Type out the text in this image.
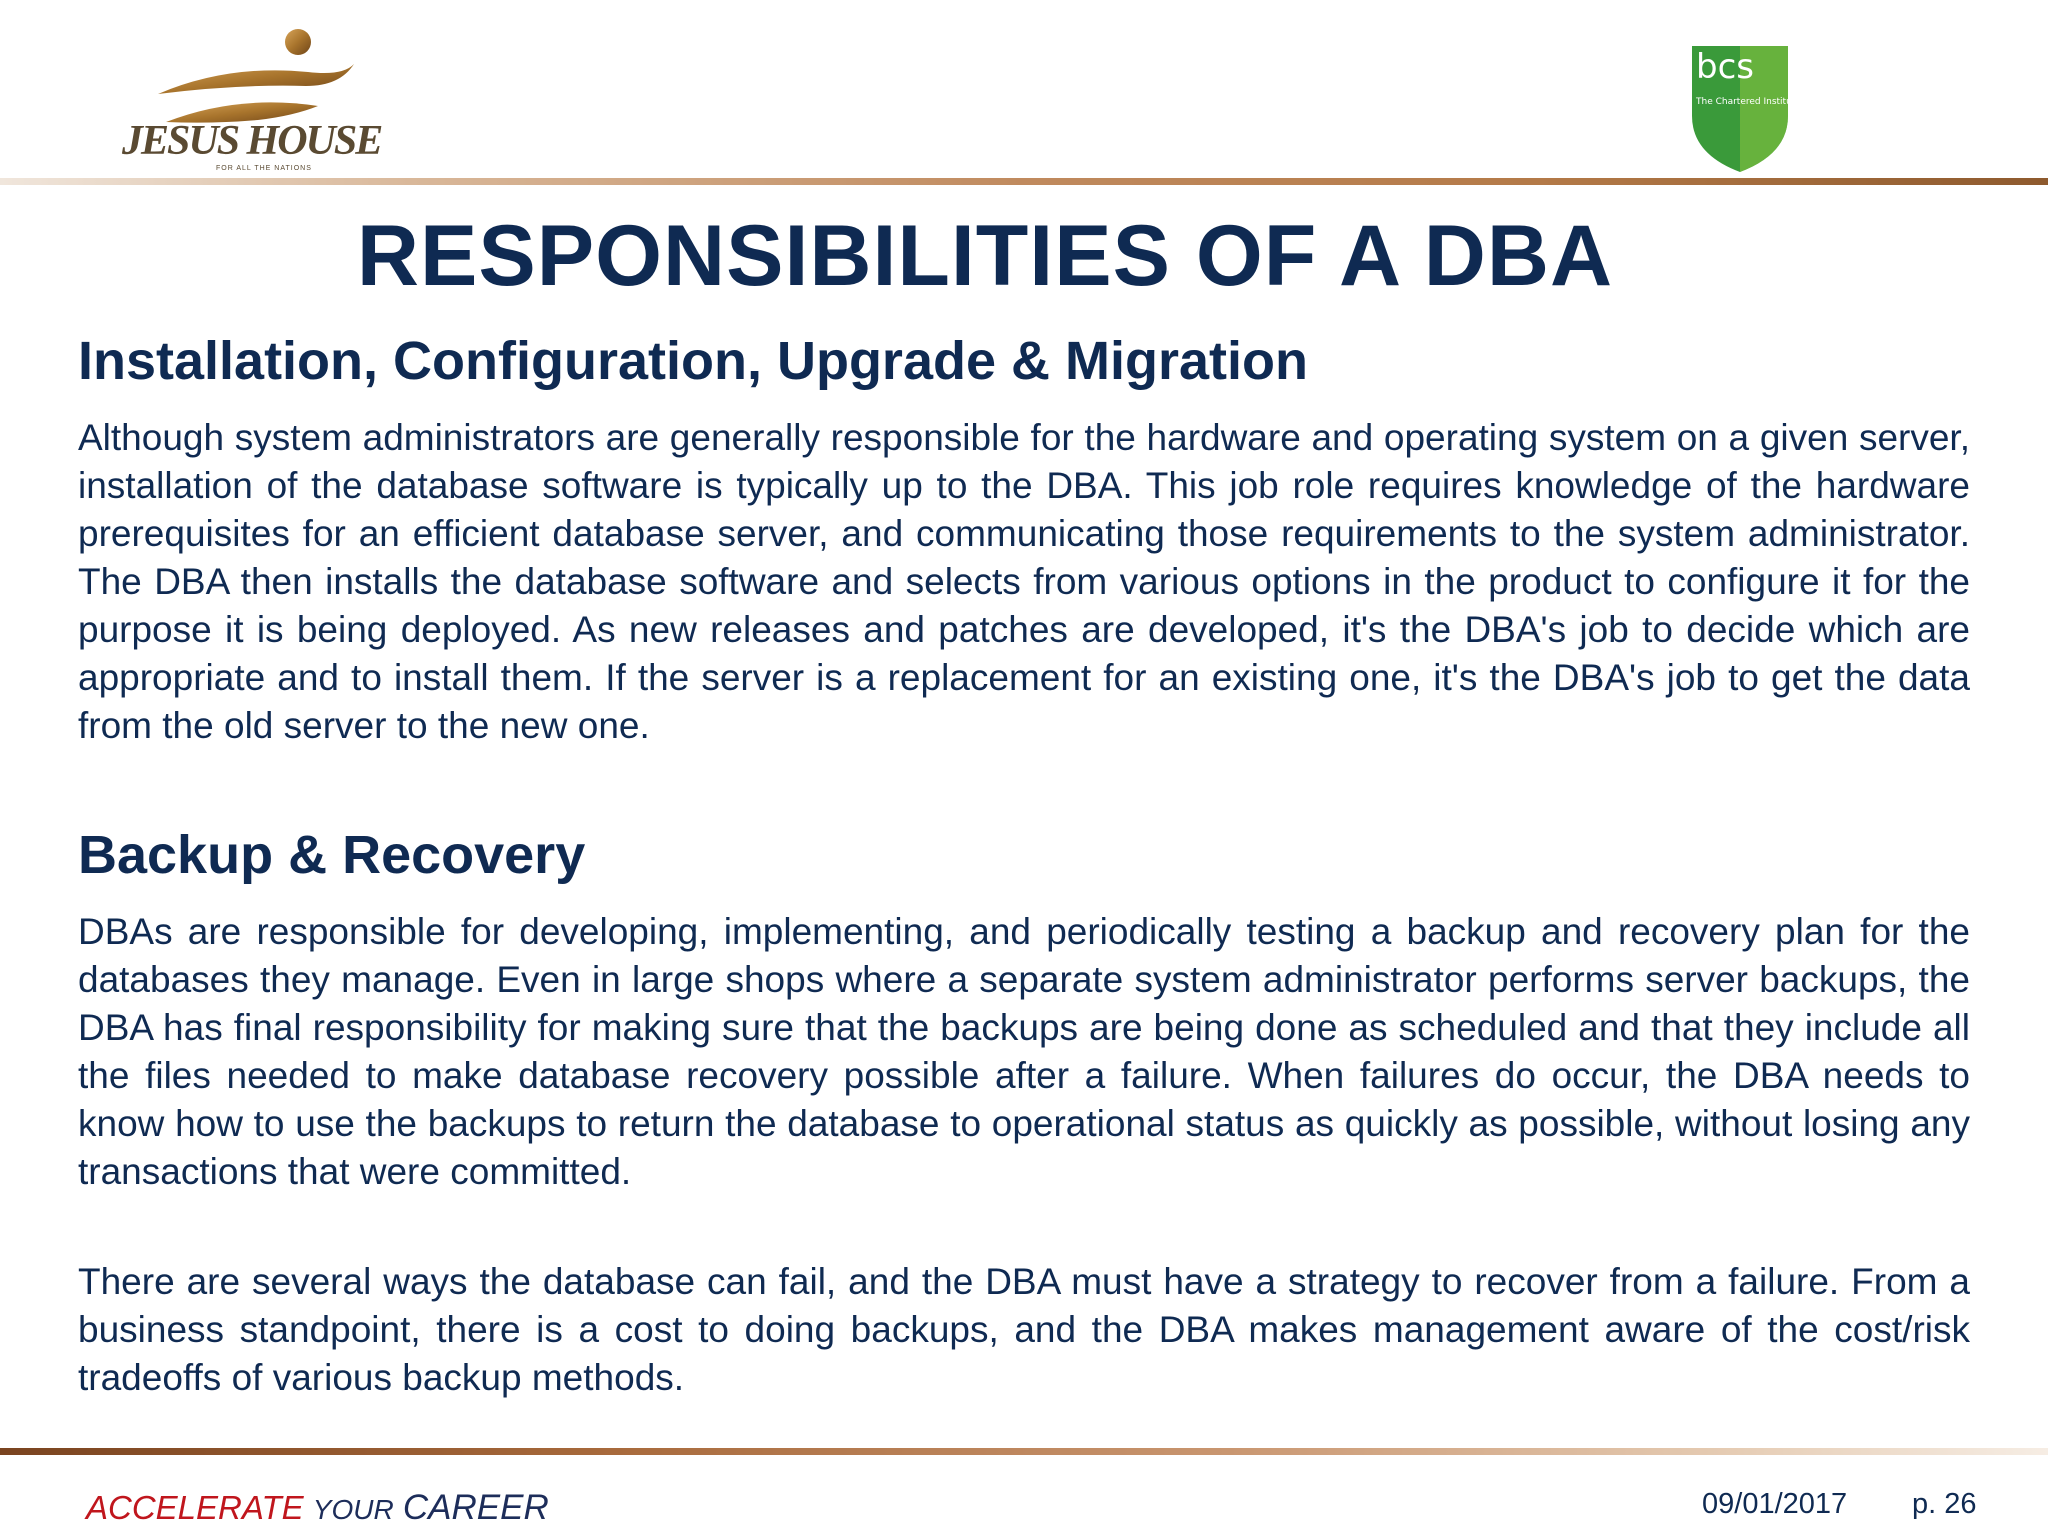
JESUS HOUSE
FOR ALL THE NATIONS
bcs
The Chartered Institute for IT
RESPONSIBILITIES OF A DBA
Installation, Configuration, Upgrade & Migration

Although system administrators are generally responsible for the hardware and operating system on a given server, installation of the database software is typically up to the DBA. This job role requires knowledge of the hardware prerequisites for an efficient database server, and communicating those requirements to the system administrator. The DBA then installs the database software and selects from various options in the product to configure it for the purpose it is being deployed. As new releases and patches are developed, it's the DBA's job to decide which are appropriate and to install them. If the server is a replacement for an existing one, it's the DBA's job to get the data from the old server to the new one.

Backup & Recovery

DBAs are responsible for developing, implementing, and periodically testing a backup and recovery plan for the databases they manage. Even in large shops where a separate system administrator performs server backups, the DBA has final responsibility for making sure that the backups are being done as scheduled and that they include all the files needed to make database recovery possible after a failure. When failures do occur, the DBA needs to know how to use the backups to return the database to operational status as quickly as possible, without losing any transactions that were committed.

There are several ways the database can fail, and the DBA must have a strategy to recover from a failure. From a business standpoint, there is a cost to doing backups, and the DBA makes management aware of the cost/risk tradeoffs of various backup methods.

ACCELERATE YOUR CAREER	09/01/2017 p. 26
